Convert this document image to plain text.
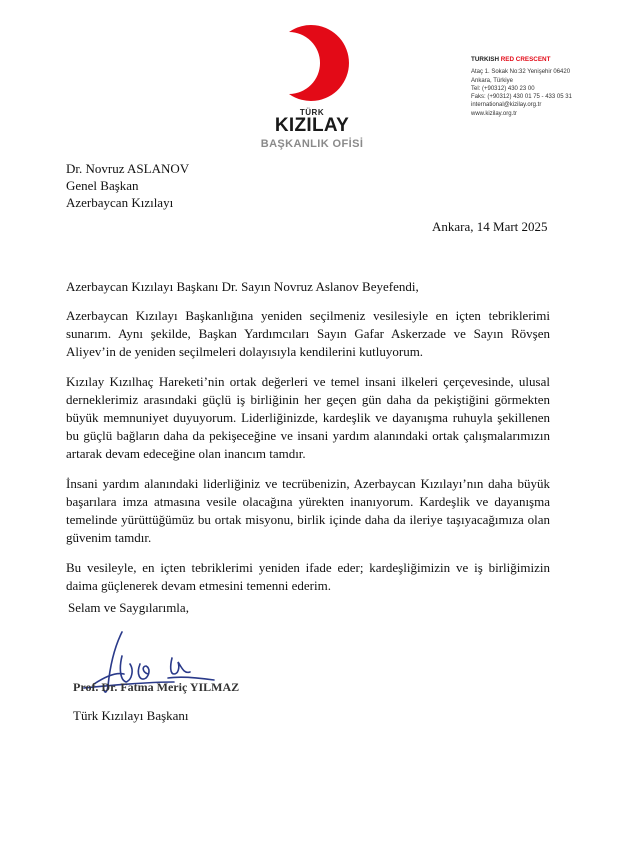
TÜRK
KIZILAY
BAŞKANLIK OFİSİ
TURKISH RED CRESCENT
Ataç 1. Sokak No:32 Yenişehir 06420
Ankara, Türkiye
Tel: (+90312) 430 23 00
Faks: (+90312) 430 01 75 - 433 05 31
international@kizilay.org.tr
www.kizilay.org.tr
Dr. Novruz ASLANOV
Genel Başkan
Azerbaycan Kızılayı
Ankara, 14 Mart 2025

Azerbaycan Kızılayı Başkanı Dr. Sayın Novruz Aslanov Beyefendi,

Azerbaycan Kızılayı Başkanlığına yeniden seçilmeniz vesilesiyle en içten tebriklerimi sunarım. Aynı şekilde, Başkan Yardımcıları Sayın Gafar Askerzade ve Sayın Rövşen Aliyev’in de yeniden seçilmeleri dolayısıyla kendilerini kutluyorum.

Kızılay Kızılhaç Hareketi’nin ortak değerleri ve temel insani ilkeleri çerçevesinde, ulusal derneklerimiz arasındaki güçlü iş birliğinin her geçen gün daha da pekiştiğini görmekten büyük memnuniyet duyuyorum. Liderliğinizde, kardeşlik ve dayanışma ruhuyla şekillenen bu güçlü bağların daha da pekişeceğine ve insani yardım alanındaki ortak çalışmalarımızın artarak devam edeceğine olan inancım tamdır.

İnsani yardım alanındaki liderliğiniz ve tecrübenizin, Azerbaycan Kızılayı’nın daha büyük başarılara imza atmasına vesile olacağına yürekten inanıyorum. Kardeşlik ve dayanışma temelinde yürüttüğümüz bu ortak misyonu, birlik içinde daha da ileriye taşıyacağımıza olan güvenim tamdır.

Bu vesileyle, en içten tebriklerimi yeniden ifade eder; kardeşliğimizin ve iş birliğimizin daima güçlenerek devam etmesini temenni ederim.

Selam ve Saygılarımla,
Prof. Dr. Fatma Meriç YILMAZ
Türk Kızılayı Başkanı
